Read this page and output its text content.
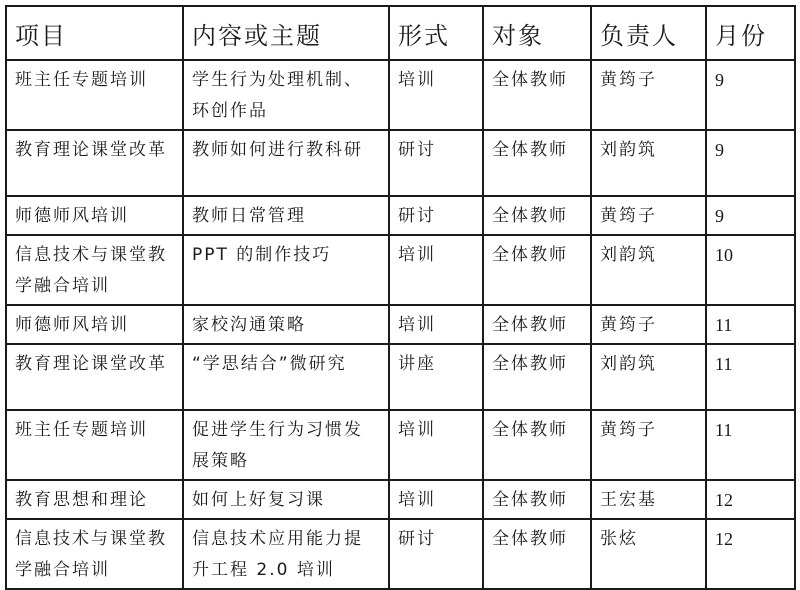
项目	内容或主题	形式	对象	负责人	月份
班主任专题培训	学生行为处理机制、环创作品	培训	全体教师	黄筠子	9
教育理论课堂改革	教师如何进行教科研	研讨	全体教师	刘韵筑	9
师德师风培训	教师日常管理	研讨	全体教师	黄筠子	9
信息技术与课堂教学融合培训	PPT 的制作技巧	培训	全体教师	刘韵筑	10
师德师风培训	家校沟通策略	培训	全体教师	黄筠子	11
教育理论课堂改革	“学思结合”微研究	讲座	全体教师	刘韵筑	11
班主任专题培训	促进学生行为习惯发展策略	培训	全体教师	黄筠子	11
教育思想和理论	如何上好复习课	培训	全体教师	王宏基	12
信息技术与课堂教学融合培训	信息技术应用能力提升工程 2.0 培训	研讨	全体教师	张炫	12
